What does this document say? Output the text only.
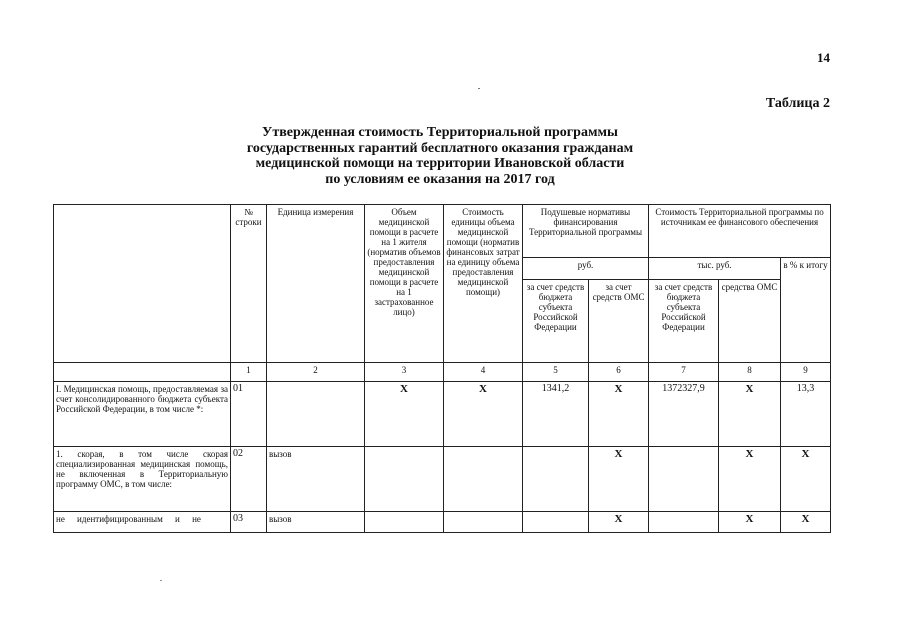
14
Таблица 2
Утвержденная стоимость Территориальной программы
государственных гарантий бесплатного оказания гражданам
медицинской помощи на территории Ивановской области
по условиям ее оказания на 2017 год
	№ строки	Единица измерения	Объем медицинской помощи в расчете на 1 жителя (норматив объемов предоставления медицинской помощи в расчете на 1 застрахованное лицо)	Стоимость единицы объема медицинской помощи (норматив финансовых затрат на единицу объема предоставления медицинской помощи)	Подушевые нормативы финансирования Территориальной программы		Стоимость Территориальной программы по источникам ее финансового обеспечения		
					руб.		тыс. руб.		в % к итогу
					за счет средств бюджета субъекта Российской Федерации	за счет средств ОМС	за счет средств бюджета субъекта Российской Федерации	средства ОМС	
	1	2	3	4	5	6	7	8	9
I. Медицинская помощь, предоставляемая за счет консолидированного бюджета субъекта Российской Федерации, в том числе *:	01		X	X	1341,2	X	1372327,9	X	13,3
1. скорая, в том числе скорая специализированная медицинская помощь, не включенная в Территориальную программу ОМС, в том числе:	02	вызов				X		X	X
не идентифицированным и не	03	вызов				X		X	X
